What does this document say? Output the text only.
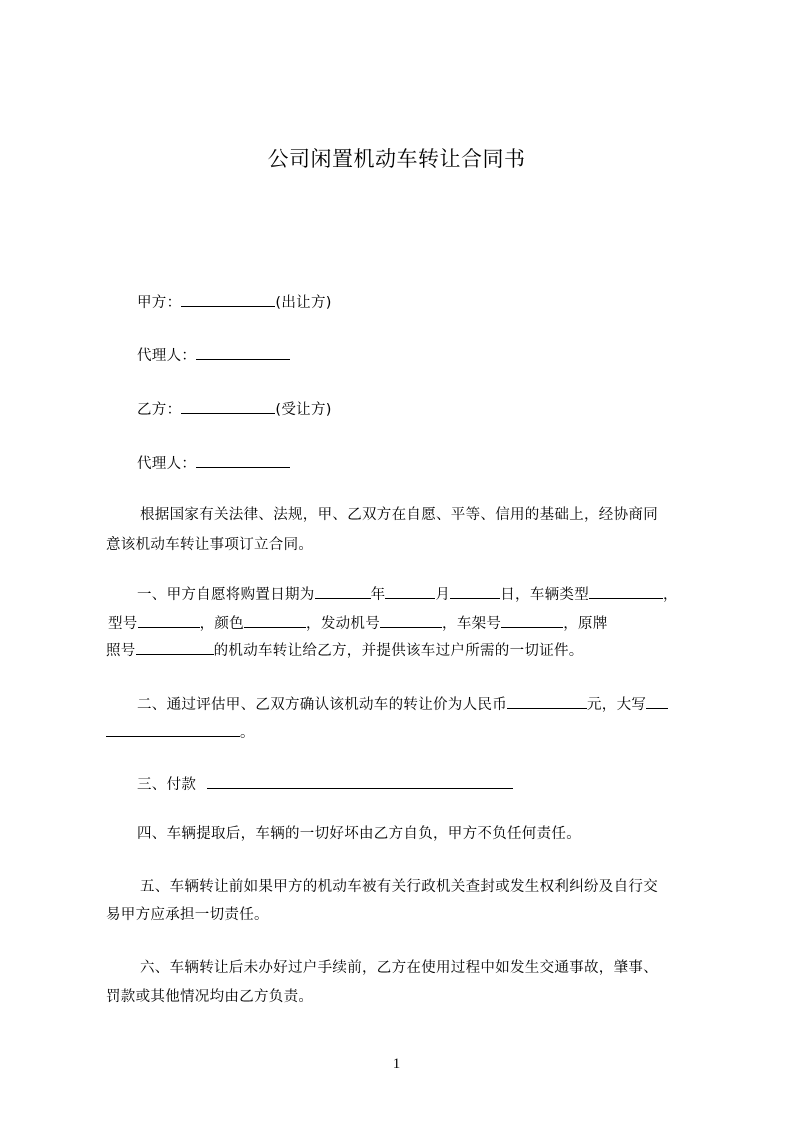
公司闲置机动车转让合同书
甲方：	(出让方)
代理人：
乙方：	(受让方)
代理人：
根据国家有关法律、法规，甲、乙双方在自愿、平等、信用的基础上，经协商同
意该机动车转让事项订立合同。
一、甲方自愿将购置日期为	年	月	日，车辆类型	，
型号	，颜色	，发动机号	，车架号	，原牌
照号	的机动车转让给乙方，并提供该车过户所需的一切证件。
二、通过评估甲、乙双方确认该机动车的转让价为人民币	元，大写
。
三、付款
四、车辆提取后，车辆的一切好坏由乙方自负，甲方不负任何责任。
五、车辆转让前如果甲方的机动车被有关行政机关查封或发生权利纠纷及自行交
易甲方应承担一切责任。
六、车辆转让后未办好过户手续前，乙方在使用过程中如发生交通事故，肇事、
罚款或其他情况均由乙方负责。
1
